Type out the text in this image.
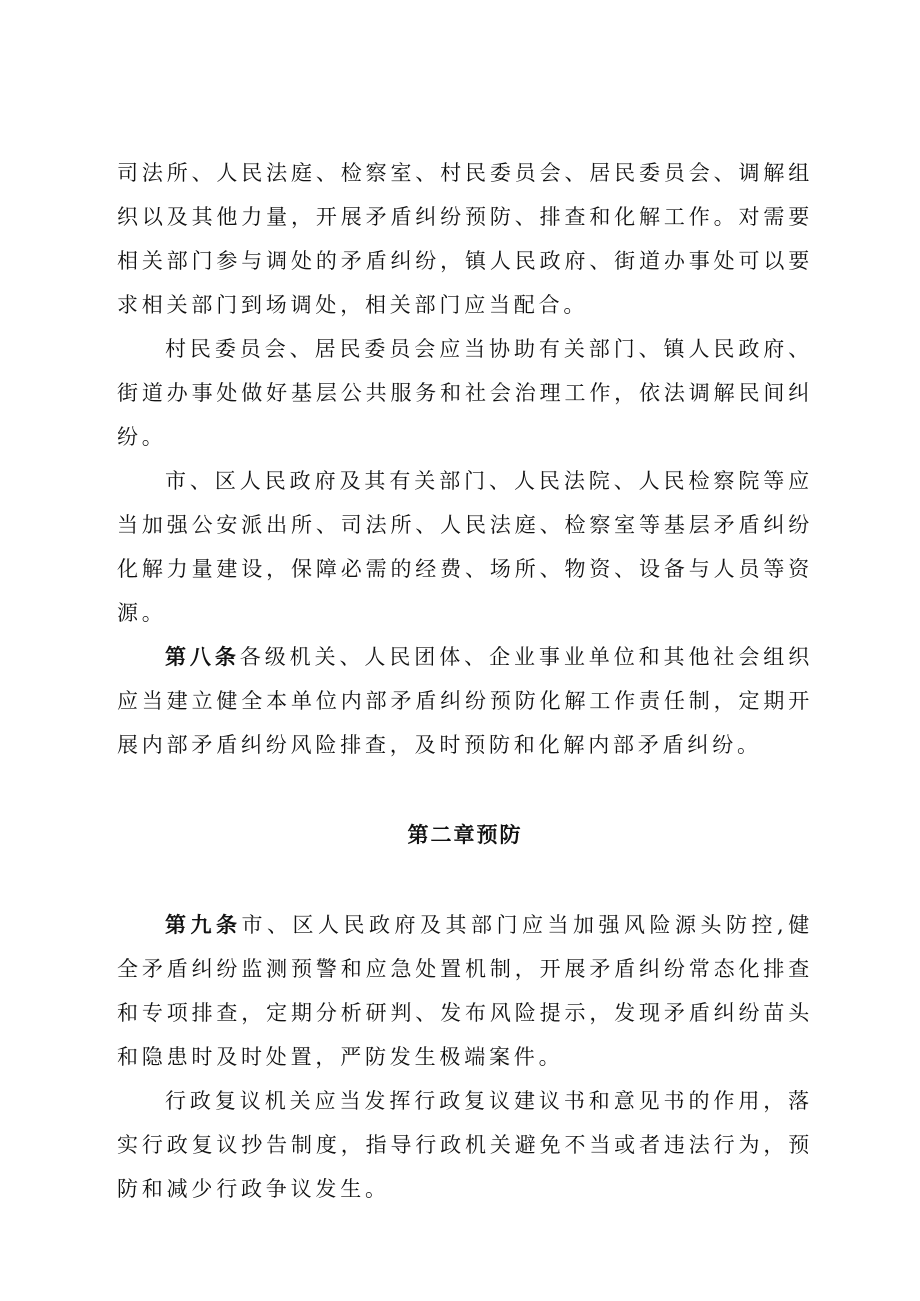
司法所、人民法庭、检察室、村民委员会、居民委员会、调解组织以及其他力量，开展矛盾纠纷预防、排查和化解工作。对需要相关部门参与调处的矛盾纠纷，镇人民政府、街道办事处可以要求相关部门到场调处，相关部门应当配合。

村民委员会、居民委员会应当协助有关部门、镇人民政府、街道办事处做好基层公共服务和社会治理工作，依法调解民间纠纷。

市、区人民政府及其有关部门、人民法院、人民检察院等应当加强公安派出所、司法所、人民法庭、检察室等基层矛盾纠纷化解力量建设，保障必需的经费、场所、物资、设备与人员等资源。

第八条各级机关、人民团体、企业事业单位和其他社会组织应当建立健全本单位内部矛盾纠纷预防化解工作责任制，定期开展内部矛盾纠纷风险排查，及时预防和化解内部矛盾纠纷。

第二章预防

第九条市、区人民政府及其部门应当加强风险源头防控,健全矛盾纠纷监测预警和应急处置机制，开展矛盾纠纷常态化排查和专项排查，定期分析研判、发布风险提示，发现矛盾纠纷苗头和隐患时及时处置，严防发生极端案件。

行政复议机关应当发挥行政复议建议书和意见书的作用，落实行政复议抄告制度，指导行政机关避免不当或者违法行为，预防和减少行政争议发生。
